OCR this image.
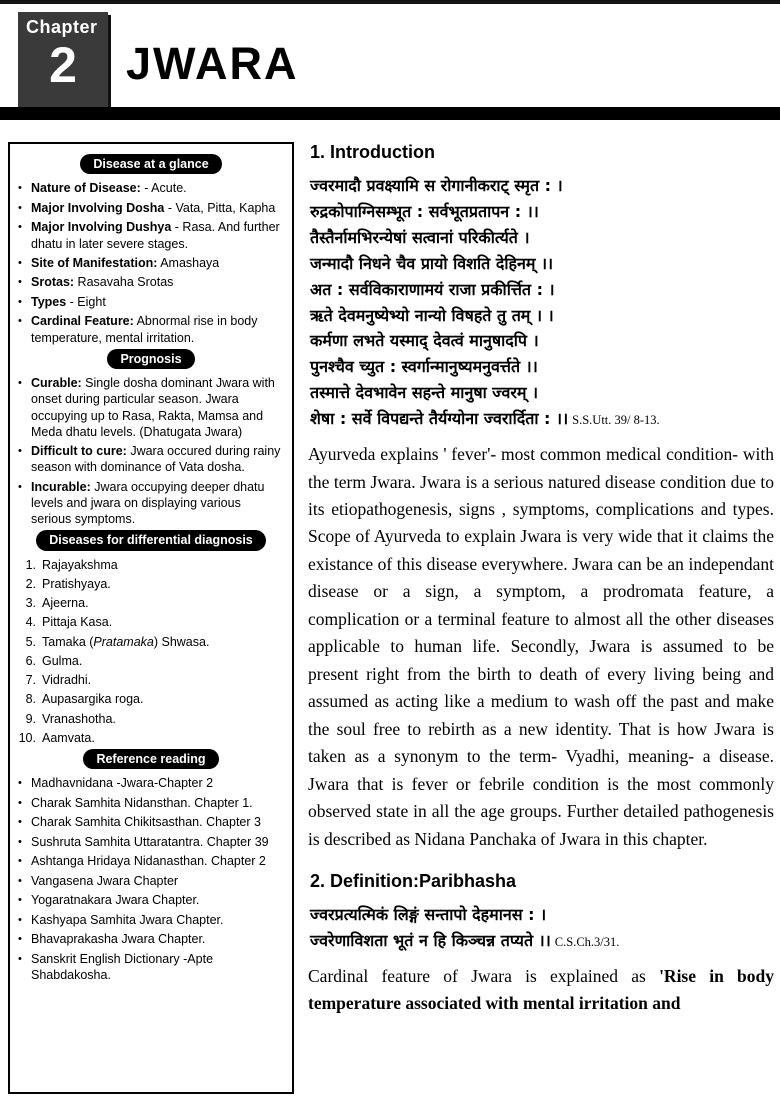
Chapter
2	JWARA
Disease at a glance
• Nature of Disease: - Acute.
• Major Involving Dosha - Vata, Pitta, Kapha
• Major Involving Dushya - Rasa. And further dhatu in later severe stages.
• Site of Manifestation: Amashaya
• Srotas: Rasavaha Srotas
• Types - Eight
• Cardinal Feature: Abnormal rise in body temperature, mental irritation.
Prognosis
• Curable: Single dosha dominant Jwara with onset during particular season. Jwara occupying up to Rasa, Rakta, Mamsa and Meda dhatu levels. (Dhatugata Jwara)
• Difficult to cure: Jwara occured during rainy season with dominance of Vata dosha.
• Incurable: Jwara occupying deeper dhatu levels and jwara on displaying various serious symptoms.
Diseases for differential diagnosis
1. Rajayakshma
2. Pratishyaya.
3. Ajeerna.
4. Pittaja Kasa.
5. Tamaka (Pratamaka) Shwasa.
6. Gulma.
7. Vidradhi.
8. Aupasargika roga.
9. Vranashotha.
10. Aamvata.
Reference reading
• Madhavnidana -Jwara-Chapter 2
• Charak Samhita Nidansthan. Chapter 1.
• Charak Samhita Chikitsasthan. Chapter 3
• Sushruta Samhita Uttaratantra. Chapter 39
• Ashtanga Hridaya Nidanasthan. Chapter 2
• Vangasena Jwara Chapter
• Yogaratnakara Jwara Chapter.
• Kashyapa Samhita Jwara Chapter.
• Bhavaprakasha Jwara Chapter.
• Sanskrit English Dictionary -Apte Shabdakosha.
1. Introduction
ज्वरमादौ प्रवक्ष्यामि स रोगानीकराट् स्मृत : ।
रुद्रकोपाग्निसम्भूत : सर्वभूतप्रतापन : ।।
तैस्तैर्नामभिरन्येषां सत्वानां परिकीर्त्यते ।
जन्मादौ निधने चैव प्रायो विशति देहिनम् ।।
अत : सर्वविकाराणामयं राजा प्रकीर्त्तित : ।
ऋते देवमनुष्येभ्यो नान्यो विषहते तु तम् । ।
कर्मणा लभते यस्माद् देवत्वं मानुषादपि ।
पुनश्चैव च्युत : स्वर्गान्मानुष्यमनुवर्त्तते ।।
तस्मात्ते देवभावेन सहन्ते मानुषा ज्वरम् ।
शेषा : सर्वे विपद्यन्ते तैर्यग्योना ज्वरार्दिता : ।। S.S.Utt. 39/ 8-13.

Ayurveda explains ' fever'- most common medical condition- with the term Jwara. Jwara is a serious natured disease condition due to its etiopathogenesis, signs , symptoms, complications and types. Scope of Ayurveda to explain Jwara is very wide that it claims the existance of this disease everywhere. Jwara can be an independant disease or a sign, a symptom, a prodromata feature, a complication or a terminal feature to almost all the other diseases applicable to human life. Secondly, Jwara is assumed to be present right from the birth to death of every living being and assumed as acting like a medium to wash off the past and make the soul free to rebirth as a new identity. That is how Jwara is taken as a synonym to the term- Vyadhi, meaning- a disease. Jwara that is fever or febrile condition is the most commonly observed state in all the age groups. Further detailed pathogenesis is described as Nidana Panchaka of Jwara in this chapter.

2. Definition:Paribhasha
ज्वरप्रत्यत्मिकं लिङ्गं सन्तापो देहमानस : ।
ज्वरेणाविशता भूतं न हि किञ्चन्न तप्यते ।। C.S.Ch.3/31.

Cardinal feature of Jwara is explained as 'Rise in body temperature associated with mental irritation and
